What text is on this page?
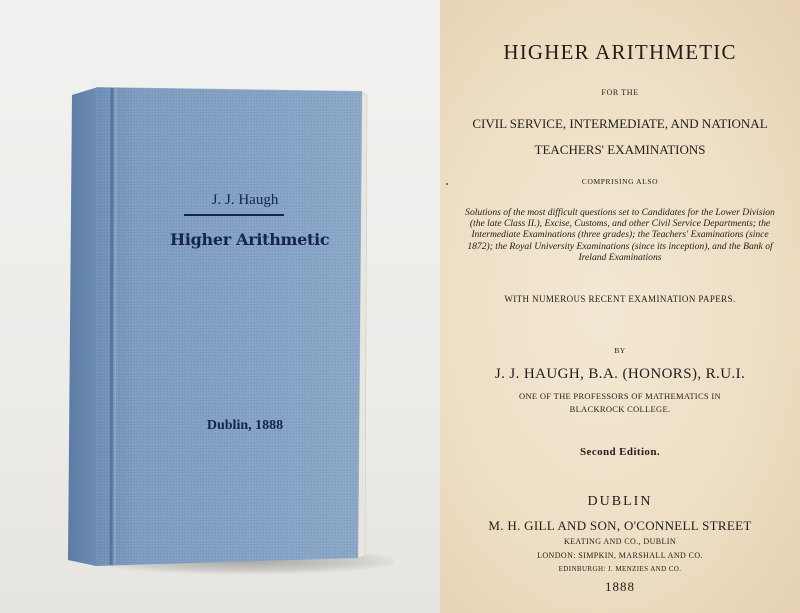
J. J. Haugh
Higher Arithmetic
Dublin, 1888
HIGHER ARITHMETIC
FOR THE
CIVIL SERVICE, INTERMEDIATE, AND NATIONAL
TEACHERS' EXAMINATIONS
COMPRISING ALSO
Solutions of the most difficult questions set to Candidates for the Lower Division (the late Class II.), Excise, Customs, and other Civil Service Departments; the Intermediate Examinations (three grades); the Teachers' Examinations (since 1872); the Royal University Examinations (since its inception), and the Bank of Ireland Examinations
WITH NUMEROUS RECENT EXAMINATION PAPERS.
BY
J. J. HAUGH, B.A. (HONORS), R.U.I.
ONE OF THE PROFESSORS OF MATHEMATICS IN
BLACKROCK COLLEGE.
Second Edition.
DUBLIN
M. H. GILL AND SON, O'CONNELL STREET
KEATING AND CO., DUBLIN
LONDON: SIMPKIN, MARSHALL AND CO.
EDINBURGH: J. MENZIES AND CO.
1888
